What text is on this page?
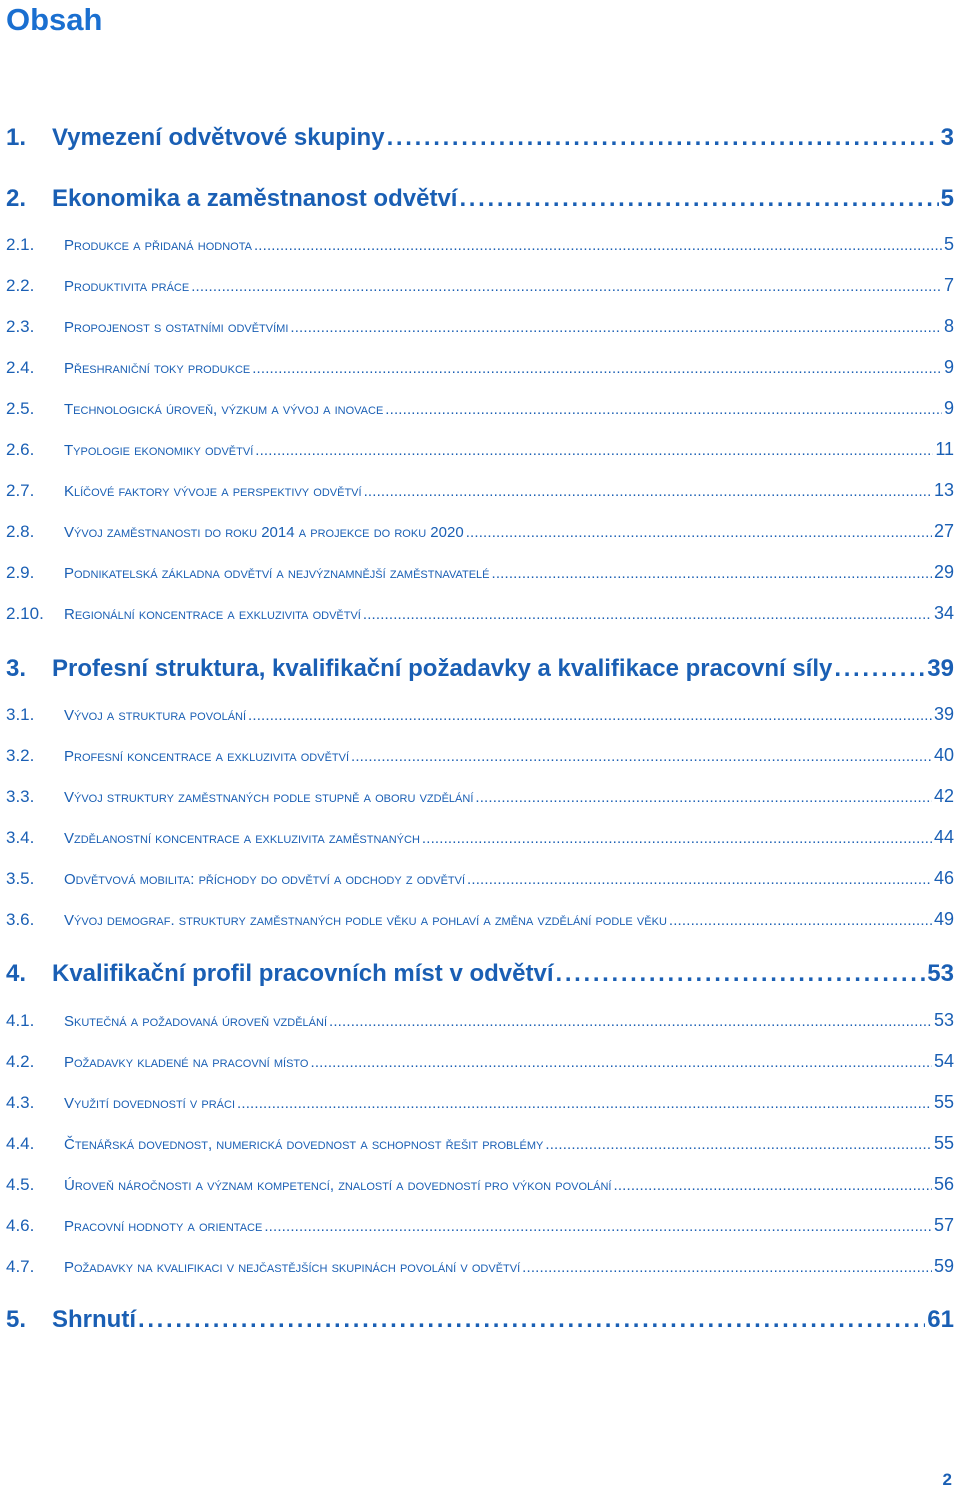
Obsah
1.	Vymezení odvětvové skupiny . . .	3
2.	Ekonomika a zaměstnanost odvětví . . .	5
2.1.	Produkce a přidaná hodnota . . .	5
2.2.	Produktivita práce . . .	7
2.3.	Propojenost s ostatními odvětvími . . .	8
2.4.	Přeshraniční toky produkce . . .	9
2.5.	Technologická úroveň, výzkum a vývoj a inovace . . .	9
2.6.	Typologie ekonomiky odvětví . . .	11
2.7.	Klíčové faktory vývoje a perspektivy odvětví . . .	13
2.8.	Vývoj zaměstnanosti do roku 2014 a projekce do roku 2020 . . .	27
2.9.	Podnikatelská základna odvětví a nejvýznamnější zaměstnavatelé . . .	29
2.10.	Regionální koncentrace a exkluzivita odvětví . . .	34
3.	Profesní struktura, kvalifikační požadavky a kvalifikace pracovní síly . . .	39
3.1.	Vývoj a struktura povolání . . .	39
3.2.	Profesní koncentrace a exkluzivita odvětví . . .	40
3.3.	Vývoj struktury zaměstnaných podle stupně a oboru vzdělání . . .	42
3.4.	Vzdělanostní koncentrace a exkluzivita zaměstnaných . . .	44
3.5.	Odvětvová mobilita: příchody do odvětví a odchody z odvětví . . .	46
3.6.	Vývoj demograf. struktury zaměstnaných podle věku a pohlaví a změna vzdělání podle věku . . .	49
4.	Kvalifikační profil pracovních míst v odvětví . . .	53
4.1.	Skutečná a požadovaná úroveň vzdělání . . .	53
4.2.	Požadavky kladené na pracovní místo . . .	54
4.3.	Využití dovedností v práci . . .	55
4.4.	Čtenářská dovednost, numerická dovednost a schopnost řešit problémy . . .	55
4.5.	Úroveň náročnosti a význam kompetencí, znalostí a dovedností pro výkon povolání . . .	56
4.6.	Pracovní hodnoty a orientace . . .	57
4.7.	Požadavky na kvalifikaci v nejčastějších skupinách povolání v odvětví . . .	59
5.	Shrnutí . . .	61
2
